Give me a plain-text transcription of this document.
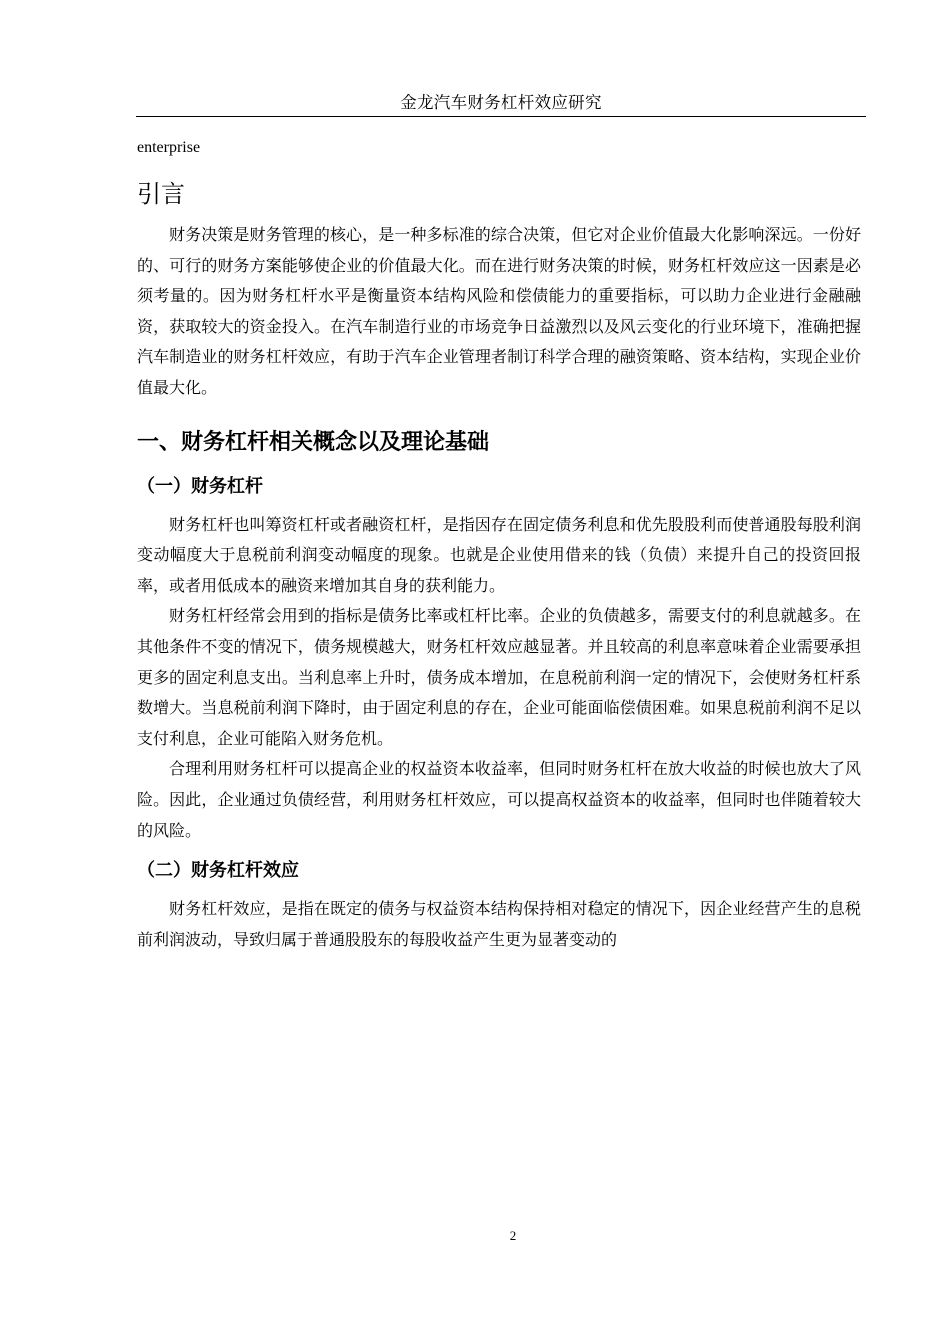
金龙汽车财务杠杆效应研究

enterprise

引言

财务决策是财务管理的核心，是一种多标准的综合决策，但它对企业价值最大化影响深远。一份好的、可行的财务方案能够使企业的价值最大化。而在进行财务决策的时候，财务杠杆效应这一因素是必须考量的。因为财务杠杆水平是衡量资本结构风险和偿债能力的重要指标，可以助力企业进行金融融资，获取较大的资金投入。在汽车制造行业的市场竞争日益激烈以及风云变化的行业环境下，准确把握汽车制造业的财务杠杆效应，有助于汽车企业管理者制订科学合理的融资策略、资本结构，实现企业价值最大化。

一、财务杠杆相关概念以及理论基础
（一）财务杠杆

财务杠杆也叫筹资杠杆或者融资杠杆，是指因存在固定债务利息和优先股股利而使普通股每股利润变动幅度大于息税前利润变动幅度的现象。也就是企业使用借来的钱（负债）来提升自己的投资回报率，或者用低成本的融资来增加其自身的获利能力。

财务杠杆经常会用到的指标是债务比率或杠杆比率。企业的负债越多，需要支付的利息就越多。在其他条件不变的情况下，债务规模越大，财务杠杆效应越显著。并且较高的利息率意味着企业需要承担更多的固定利息支出。当利息率上升时，债务成本增加，在息税前利润一定的情况下，会使财务杠杆系数增大。当息税前利润下降时，由于固定利息的存在，企业可能面临偿债困难。如果息税前利润不足以支付利息，企业可能陷入财务危机。

合理利用财务杠杆可以提高企业的权益资本收益率，但同时财务杠杆在放大收益的时候也放大了风险。因此，企业通过负债经营，利用财务杠杆效应，可以提高权益资本的收益率，但同时也伴随着较大的风险。

（二）财务杠杆效应

财务杠杆效应，是指在既定的债务与权益资本结构保持相对稳定的情况下，因企业经营产生的息税前利润波动，导致归属于普通股股东的每股收益产生更为显著变动的

2
